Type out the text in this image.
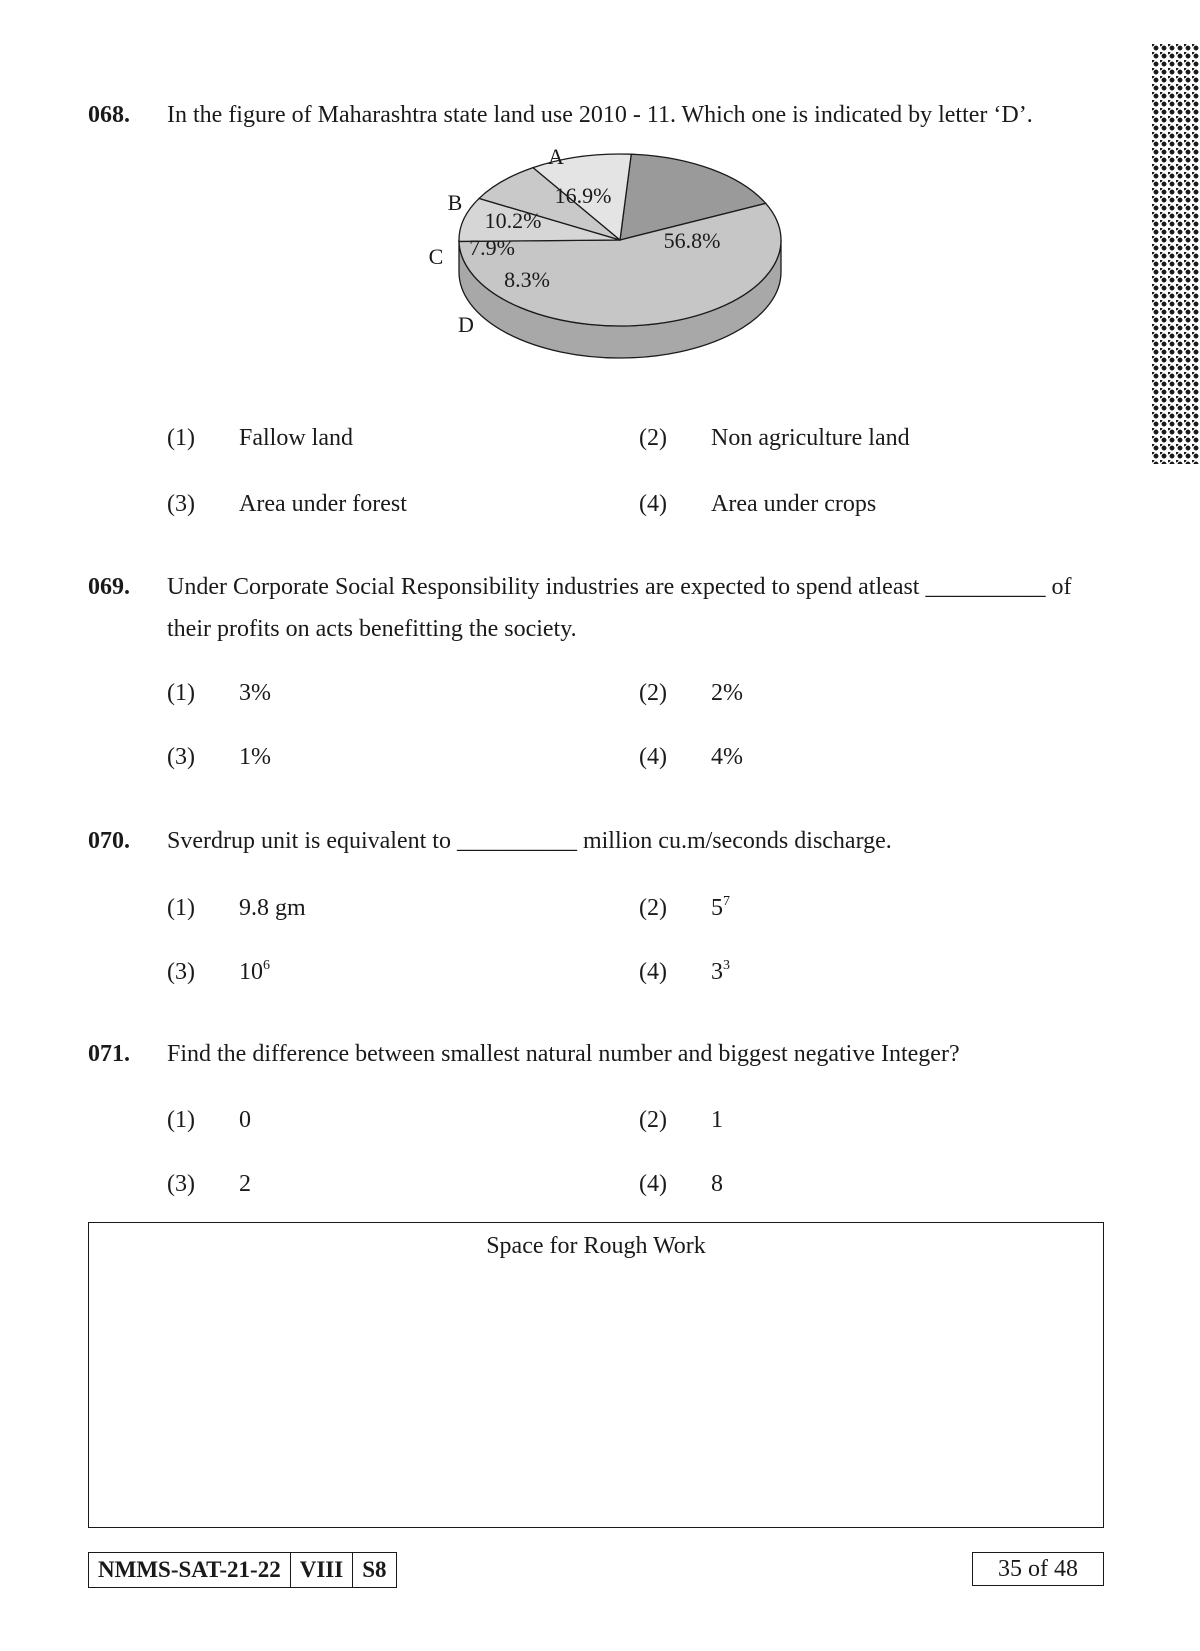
068. In the figure of Maharashtra state land use 2010 - 11. Which one is indicated by letter ‘D’.
16.9%
A
56.8%
8.3%
D
7.9%
C
10.2%
B
(1) Fallow land	(2) Non agriculture land
(3) Area under forest	(4) Area under crops
069. Under Corporate Social Responsibility industries are expected to spend atleast __________ of their profits on acts benefitting the society.
(1) 3%	(2) 2%
(3) 1%	(4) 4%
070. Sverdrup unit is equivalent to __________ million cu.m/seconds discharge.
(1) 9.8 gm	(2) $5^7$
(3) $10^6$	(4) $3^3$
071. Find the difference between smallest natural number and biggest negative Integer?
(1) 0	(2) 1
(3) 2	(4) 8
Space for Rough Work
NMMS-SAT-21-22 VIII S8	35 of 48
